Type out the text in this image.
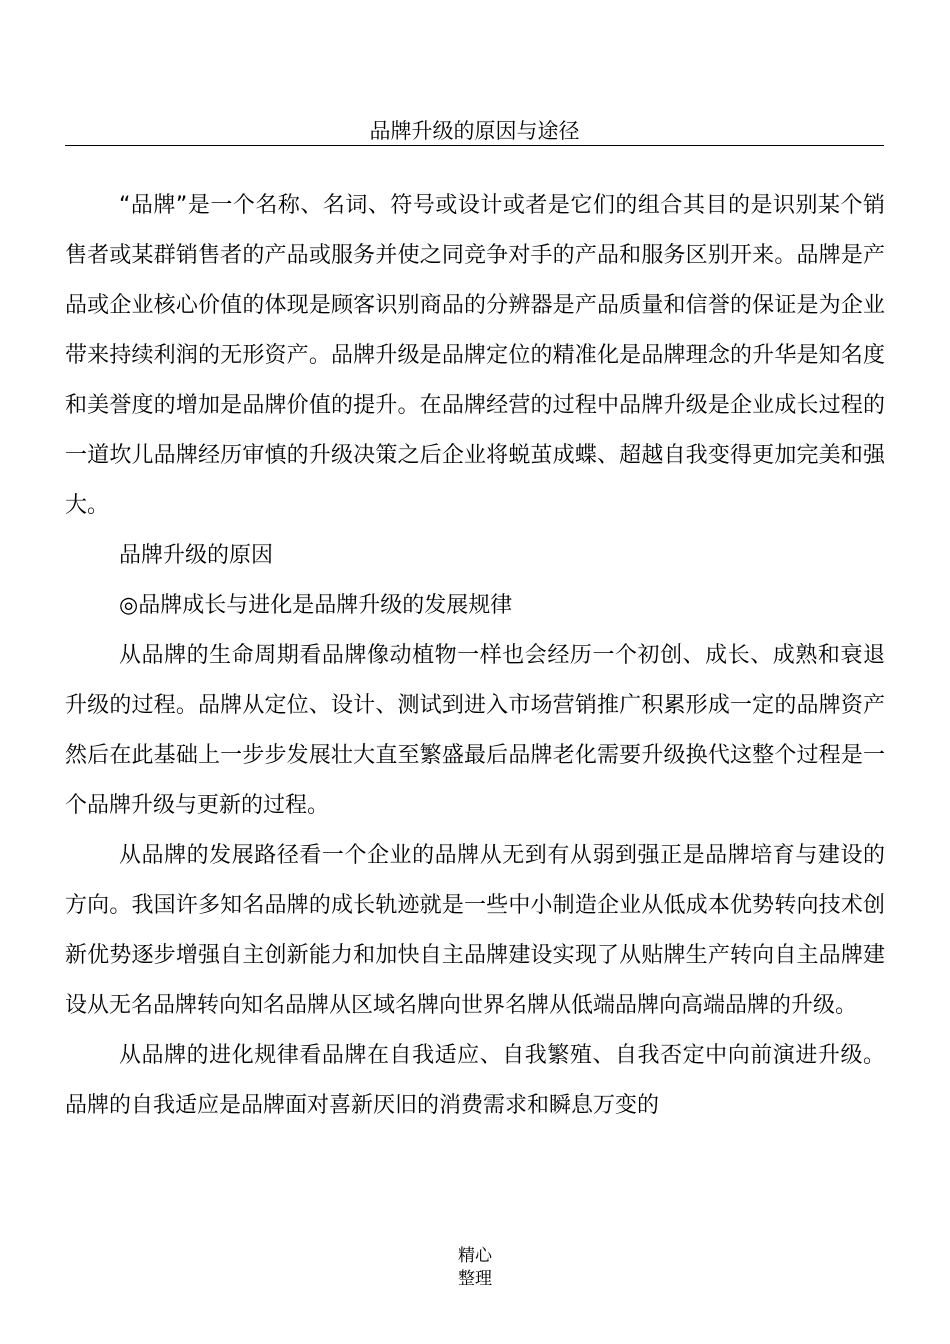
品牌升级的原因与途径

“品牌”是一个名称、名词、符号或设计或者是它们的组合其目的是识别某个销售者或某群销售者的产品或服务并使之同竞争对手的产品和服务区别开来。品牌是产品或企业核心价值的体现是顾客识别商品的分辨器是产品质量和信誉的保证是为企业带来持续利润的无形资产。品牌升级是品牌定位的精准化是品牌理念的升华是知名度和美誉度的增加是品牌价值的提升。在品牌经营的过程中品牌升级是企业成长过程的一道坎儿品牌经历审慎的升级决策之后企业将蜕茧成蝶、超越自我变得更加完美和强大。

品牌升级的原因

◎品牌成长与进化是品牌升级的发展规律

从品牌的生命周期看品牌像动植物一样也会经历一个初创、成长、成熟和衰退升级的过程。品牌从定位、设计、测试到进入市场营销推广积累形成一定的品牌资产然后在此基础上一步步发展壮大直至繁盛最后品牌老化需要升级换代这整个过程是一个品牌升级与更新的过程。

从品牌的发展路径看一个企业的品牌从无到有从弱到强正是品牌培育与建设的方向。我国许多知名品牌的成长轨迹就是一些中小制造企业从低成本优势转向技术创新优势逐步增强自主创新能力和加快自主品牌建设实现了从贴牌生产转向自主品牌建设从无名品牌转向知名品牌从区域名牌向世界名牌从低端品牌向高端品牌的升级。

从品牌的进化规律看品牌在自我适应、自我繁殖、自我否定中向前演进升级。品牌的自我适应是品牌面对喜新厌旧的消费需求和瞬息万变的

精心
整理
